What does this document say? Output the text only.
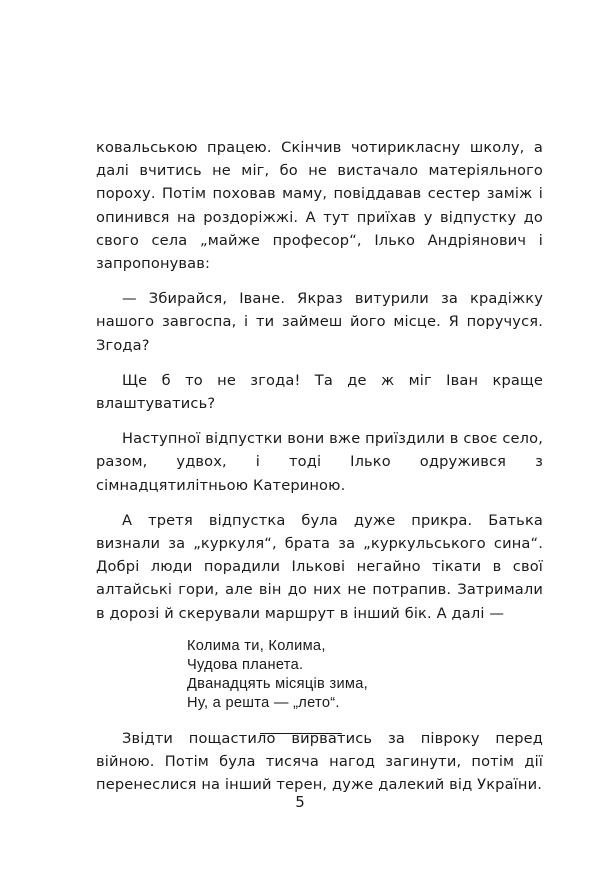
ковальською працею. Скінчив чотирикласну школу, а далі вчитись не міг, бо не вистачало матеріяльного пороху. Потім поховав маму, повіддавав сестер заміж і опинився на роздоріжжі. А тут приїхав у відпустку до свого села „майже професор“, Ілько Андріянович і запропонував:

— Збирайся, Іване. Якраз витурили за крадіжку нашого завгоспа, і ти займеш його місце. Я поручуся. Згода?

Ще б то не згода! Та де ж міг Іван краще влаштуватись?

Наступної відпустки вони вже приїздили в своє село, разом, удвох, і тоді Ілько одружився з сімнадцятилітньою Катериною.

А третя відпустка була дуже прикра. Батька визнали за „куркуля“, брата за „куркульського сина“. Добрі люди порадили Ількові негайно тікати в свої алтайські гори, але він до них не потрапив. Затримали в дорозі й скерували маршрут в інший бік. А далі —

Колима ти, Колима,
Чудова планета.
Дванадцять місяців зима,
Ну, а решта — „лето“.

Звідти пощастило вирватись за півроку перед війною. Потім була тисяча нагод загинути, потім дії перенеслися на інший терен, дуже далекий від України.

5
